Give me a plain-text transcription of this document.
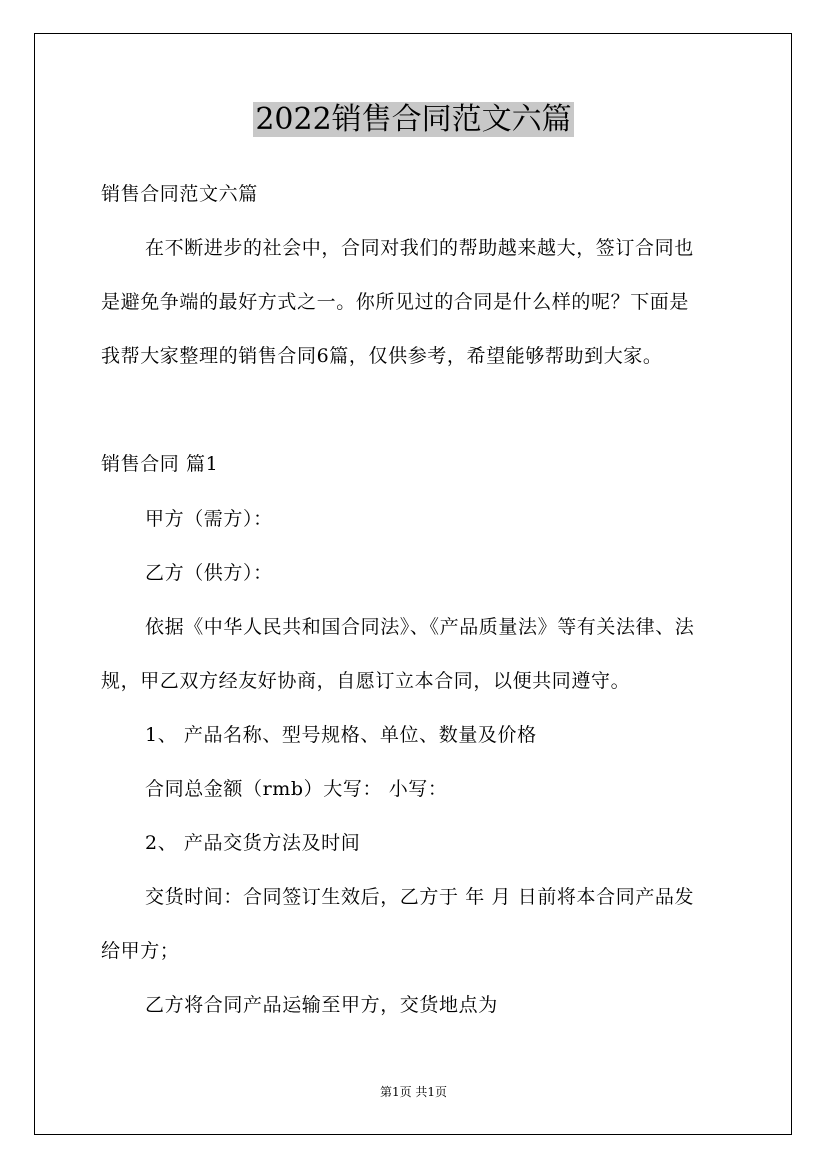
2022销售合同范文六篇
销售合同范文六篇
在不断进步的社会中，合同对我们的帮助越来越大，签订合同也
是避免争端的最好方式之一。你所见过的合同是什么样的呢？下面是
我帮大家整理的销售合同6篇，仅供参考，希望能够帮助到大家。
销售合同 篇1
甲方（需方）：
乙方（供方）：
依据《中华人民共和国合同法》、《产品质量法》等有关法律、法
规，甲乙双方经友好协商，自愿订立本合同，以便共同遵守。
1、 产品名称、型号规格、单位、数量及价格
合同总金额（rmb）大写： 小写：
2、 产品交货方法及时间
交货时间：合同签订生效后，乙方于 年 月 日前将本合同产品发
给甲方；
乙方将合同产品运输至甲方，交货地点为
第1页 共1页
